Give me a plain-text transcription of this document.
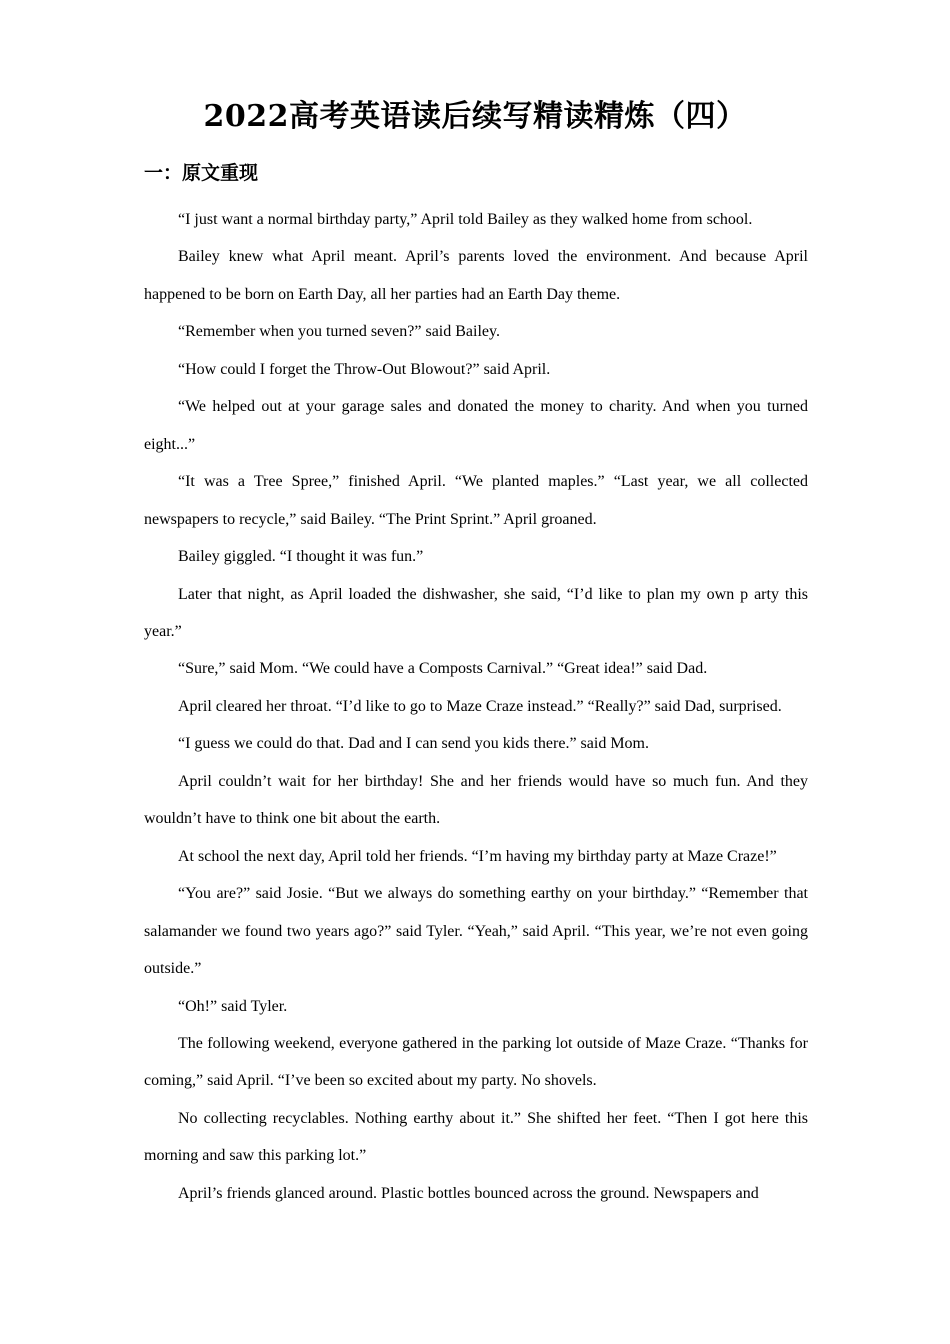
2022高考英语读后续写精读精炼（四）
一：原文重现

“I just want a normal birthday party,” April told Bailey as they walked home from school.

Bailey knew what April meant. April’s parents loved the environment. And because April happened to be born on Earth Day, all her parties had an Earth Day theme.

“Remember when you turned seven?” said Bailey.

“How could I forget the Throw-Out Blowout?” said April.

“We helped out at your garage sales and donated the money to charity. And when you turned eight...”

“It was a Tree Spree,” finished April. “We planted maples.” “Last year, we all collected newspapers to recycle,” said Bailey. “The Print Sprint.” April groaned.

Bailey giggled. “I thought it was fun.”

Later that night, as April loaded the dishwasher, she said, “I’d like to plan my own p arty this year.”

“Sure,” said Mom. “We could have a Composts Carnival.” “Great idea!” said Dad.

April cleared her throat. “I’d like to go to Maze Craze instead.” “Really?” said Dad, surprised.

“I guess we could do that. Dad and I can send you kids there.” said Mom.

April couldn’t wait for her birthday! She and her friends would have so much fun. And they wouldn’t have to think one bit about the earth.

At school the next day, April told her friends. “I’m having my birthday party at Maze Craze!”

“You are?” said Josie. “But we always do something earthy on your birthday.” “Remember that salamander we found two years ago?” said Tyler. “Yeah,” said April. “This year, we’re not even going outside.”

“Oh!” said Tyler.

The following weekend, everyone gathered in the parking lot outside of Maze Craze. “Thanks for coming,” said April. “I’ve been so excited about my party. No shovels.

No collecting recyclables. Nothing earthy about it.” She shifted her feet. “Then I got here this morning and saw this parking lot.”

April’s friends glanced around. Plastic bottles bounced across the ground. Newspapers and
